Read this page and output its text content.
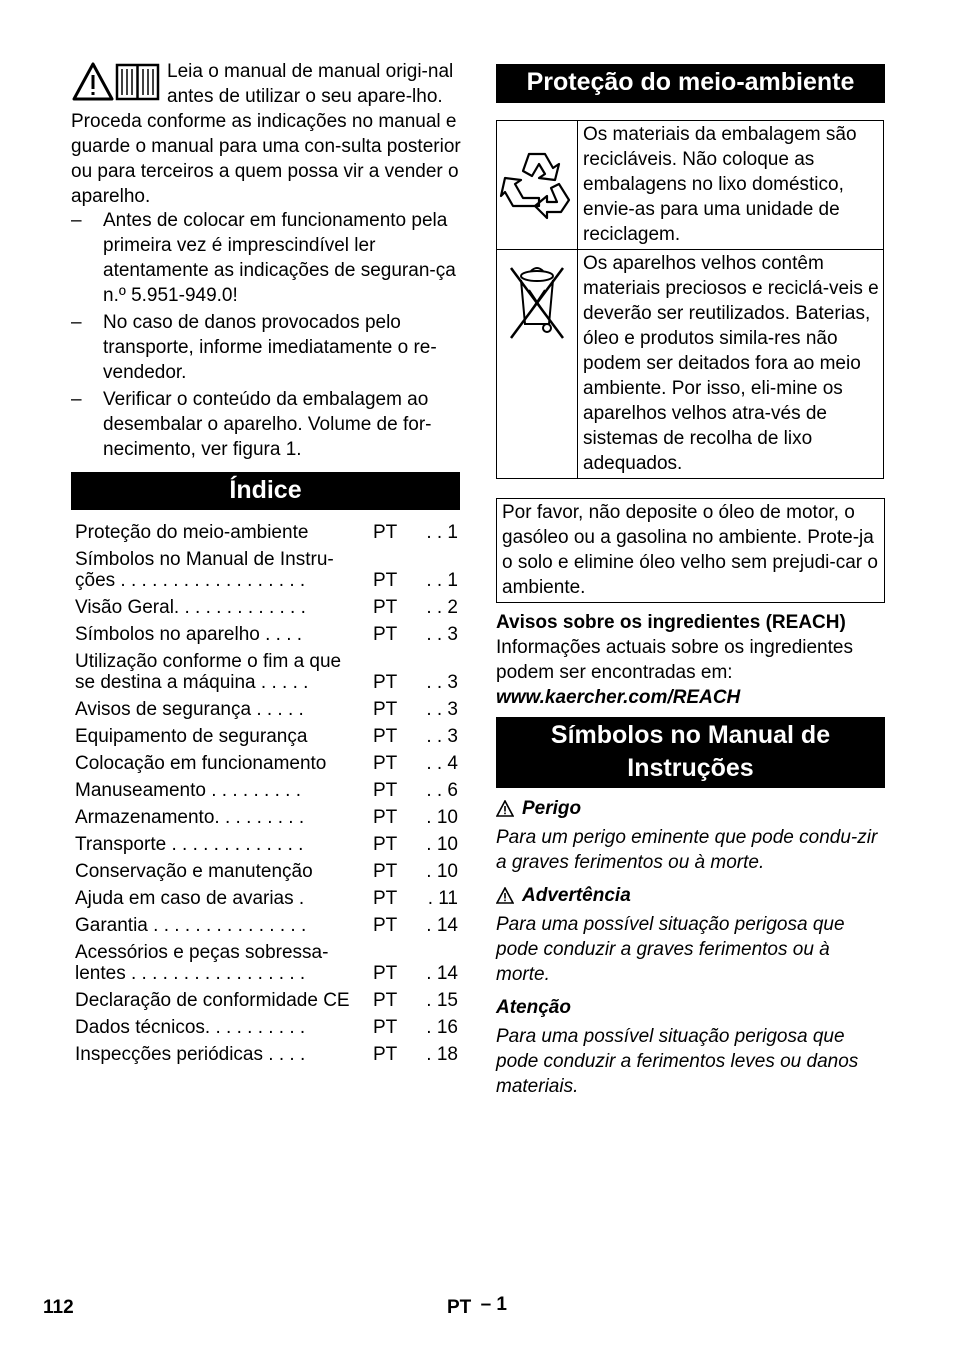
Leia o manual de manual origi-nal antes de utilizar o seu apare-lho. Proceda conforme as indicações no manual e guarde o manual para uma con-sulta posterior ou para terceiros a quem possa vir a vender o aparelho.

–	Antes de colocar em funcionamento pela primeira vez é imprescindível ler atentamente as indicações de seguran-ça n.º 5.951-949.0!
–	No caso de danos provocados pelo transporte, informe imediatamente o re-vendedor.
–	Verificar o conteúdo da embalagem ao desembalar o aparelho. Volume de for-necimento, ver figura 1.
Índice
Proteção do meio-ambiente	PT . . 1
Símbolos no Manual de Instru-
ções . . . . . . . . . . . . . . . . . .	PT . . 1
Visão Geral. . . . . . . . . . . . .	PT . . 2
Símbolos no aparelho . . . .	PT . . 3
Utilização conforme o fim a que
se destina a máquina . . . . .	PT . . 3
Avisos de segurança . . . . .	PT . . 3
Equipamento de segurança	PT . . 3
Colocação em funcionamento	PT . . 4
Manuseamento . . . . . . . . .	PT . . 6
Armazenamento. . . . . . . . .	PT . 10
Transporte . . . . . . . . . . . . .	PT . 10
Conservação e manutenção	PT . 10
Ajuda em caso de avarias .	PT . 11
Garantia . . . . . . . . . . . . . . .	PT . 14
Acessórios e peças sobressa-
lentes . . . . . . . . . . . . . . . . .	PT . 14
Declaração de conformidade CE	PT . 15
Dados técnicos. . . . . . . . . .	PT . 16
Inspecções periódicas . . . .	PT . 18
Proteção do meio-ambiente
	Os materiais da embalagem são recicláveis. Não coloque as embalagens no lixo doméstico, envie-as para uma unidade de reciclagem.
	Os aparelhos velhos contêm materiais preciosos e reciclá-veis e deverão ser reutilizados. Baterias, óleo e produtos simila-res não podem ser deitados fora ao meio ambiente. Por isso, eli-mine os aparelhos velhos atra-vés de sistemas de recolha de lixo adequados.
Por favor, não deposite o óleo de motor, o gasóleo ou a gasolina no ambiente. Prote-ja o solo e elimine óleo velho sem prejudi-car o ambiente.

Avisos sobre os ingredientes (REACH)

Informações actuais sobre os ingredientes podem ser encontradas em:

www.kaercher.com/REACH

Símbolos no Manual de Instruções
Perigo

Para um perigo eminente que pode condu-zir a graves ferimentos ou à morte.

Advertência

Para uma possível situação perigosa que pode conduzir a graves ferimentos ou à morte.

Atenção

Para uma possível situação perigosa que pode conduzir a ferimentos leves ou danos materiais.

112	PT – 1
